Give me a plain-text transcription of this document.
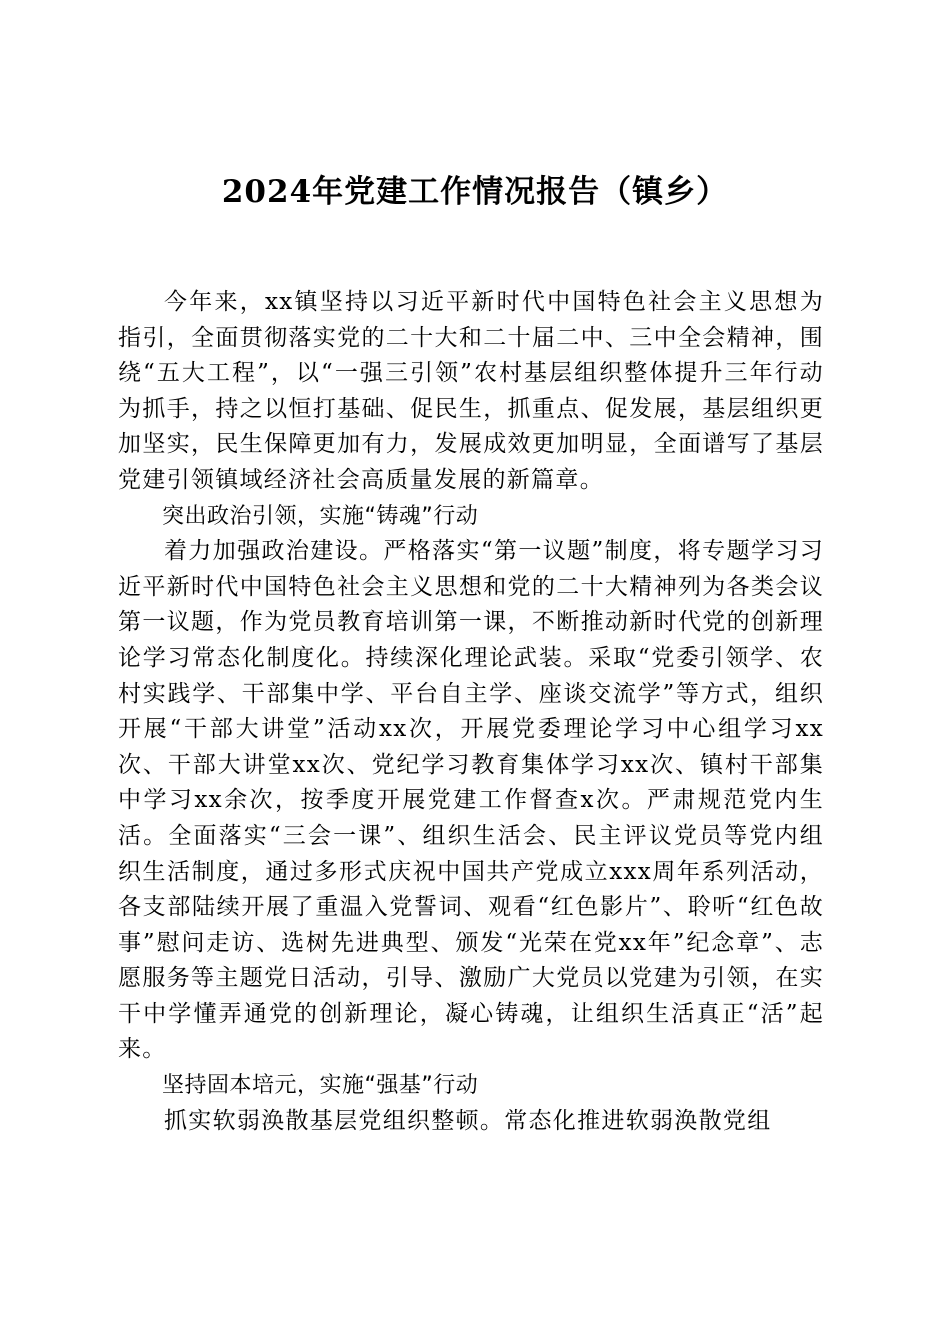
2024年党建工作情况报告（镇乡）

今年来，xx镇坚持以习近平新时代中国特色社会主义思想为指引，全面贯彻落实党的二十大和二十届二中、三中全会精神，围绕“五大工程”，以“一强三引领”农村基层组织整体提升三年行动为抓手，持之以恒打基础、促民生，抓重点、促发展，基层组织更加坚实，民生保障更加有力，发展成效更加明显，全面谱写了基层党建引领镇域经济社会高质量发展的新篇章。

突出政治引领，实施“铸魂”行动

着力加强政治建设。严格落实“第一议题”制度，将专题学习习近平新时代中国特色社会主义思想和党的二十大精神列为各类会议第一议题，作为党员教育培训第一课，不断推动新时代党的创新理论学习常态化制度化。持续深化理论武装。采取“党委引领学、农村实践学、干部集中学、平台自主学、座谈交流学”等方式，组织开展“干部大讲堂”活动xx次，开展党委理论学习中心组学习xx次、干部大讲堂xx次、党纪学习教育集体学习xx次、镇村干部集中学习xx余次，按季度开展党建工作督查x次。严肃规范党内生活。全面落实“三会一课”、组织生活会、民主评议党员等党内组织生活制度，通过多形式庆祝中国共产党成立xxx周年系列活动，各支部陆续开展了重温入党誓词、观看“红色影片”、聆听“红色故事”慰问走访、选树先进典型、颁发“光荣在党xx年”纪念章”、志愿服务等主题党日活动，引导、激励广大党员以党建为引领，在实干中学懂弄通党的创新理论，凝心铸魂，让组织生活真正“活”起来。

坚持固本培元，实施“强基”行动

抓实软弱涣散基层党组织整顿。常态化推进软弱涣散党组
